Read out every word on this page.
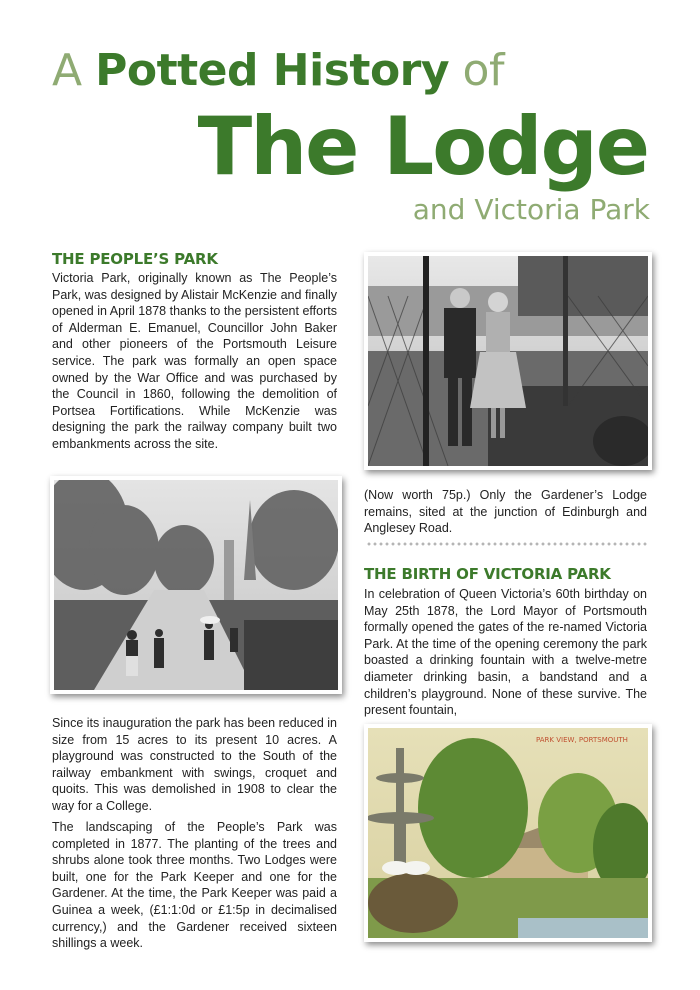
A Potted History of
The Lodge
and Victoria Park
THE PEOPLE’S PARK
Victoria Park, originally known as The People’s Park, was designed by Alistair McKenzie and finally opened in April 1878 thanks to the persistent efforts of Alderman E. Emanuel, Councillor John Baker and other pioneers of the Portsmouth Leisure service. The park was formally an open space owned by the War Office and was purchased by the Council in 1860, following the demolition of Portsea Fortifications. While McKenzie was designing the park the railway company built two embankments across the site.
(Now worth 75p.) Only the Gardener’s Lodge remains, sited at the junction of Edinburgh and Anglesey Road.
THE BIRTH OF VICTORIA PARK
In celebration of Queen Victoria’s 60th birthday on May 25th 1878, the Lord Mayor of Portsmouth formally opened the gates of the re-named Victoria Park. At the time of the opening ceremony the park boasted a drinking fountain with a twelve-metre diameter drinking basin, a bandstand and a children’s playground. None of these survive. The present fountain,
Since its inauguration the park has been reduced in size from 15 acres to its present 10 acres. A playground was constructed to the South of the railway embankment with swings, croquet and quoits. This was demolished in 1908 to clear the way for a College.
The landscaping of the People’s Park was completed in 1877. The planting of the trees and shrubs alone took three months. Two Lodges were built, one for the Park Keeper and one for the Gardener. At the time, the Park Keeper was paid a Guinea a week, (£1:1:0d or £1:5p in decimalised currency,) and the Gardener received sixteen shillings a week.
PARK VIEW, PORTSMOUTH
